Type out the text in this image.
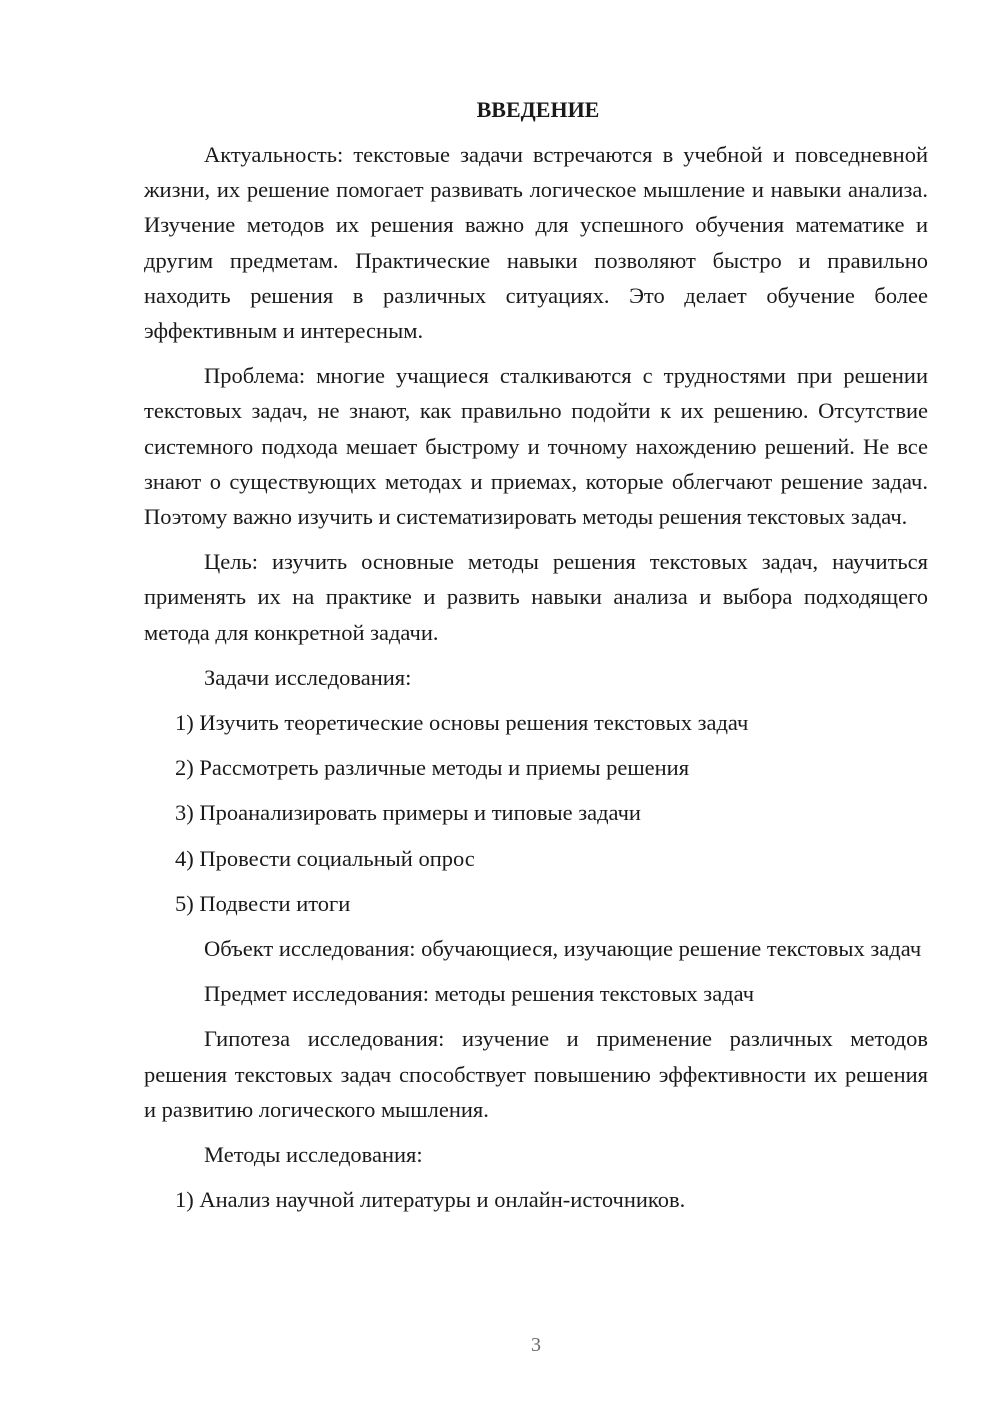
ВВЕДЕНИЕ

Актуальность: текстовые задачи встречаются в учебной и повседневной жизни, их решение помогает развивать логическое мышление и навыки анализа. Изучение методов их решения важно для успешного обучения математике и другим предметам. Практические навыки позволяют быстро и правильно находить решения в различных ситуациях. Это делает обучение более эффективным и интересным.

Проблема: многие учащиеся сталкиваются с трудностями при решении текстовых задач, не знают, как правильно подойти к их решению. Отсутствие системного подхода мешает быстрому и точному нахождению решений. Не все знают о существующих методах и приемах, которые облегчают решение задач. Поэтому важно изучить и систематизировать методы решения текстовых задач.

Цель: изучить основные методы решения текстовых задач, научиться применять их на практике и развить навыки анализа и выбора подходящего метода для конкретной задачи.

Задачи исследования:

1) Изучить теоретические основы решения текстовых задач
2) Рассмотреть различные методы и приемы решения
3) Проанализировать примеры и типовые задачи
4) Провести социальный опрос
5) Подвести итоги

Объект исследования: обучающиеся, изучающие решение текстовых задач

Предмет исследования: методы решения текстовых задач

Гипотеза исследования: изучение и применение различных методов решения текстовых задач способствует повышению эффективности их решения и развитию логического мышления.

Методы исследования:

1) Анализ научной литературы и онлайн-источников.
3
